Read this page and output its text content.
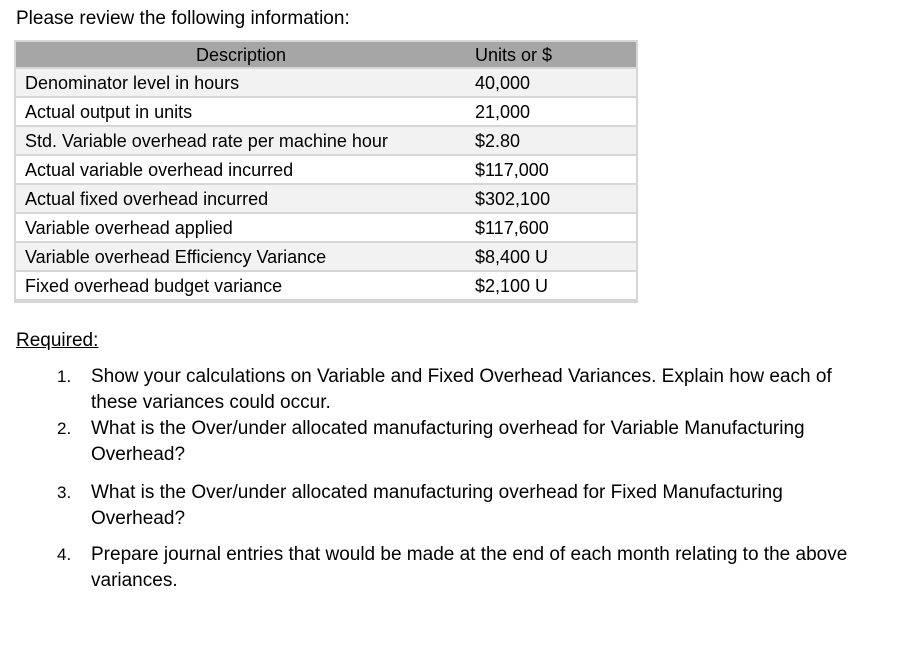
Please review the following information:
Description	Units or $
Denominator level in hours	40,000
Actual output in units	21,000
Std. Variable overhead rate per machine hour	$2.80
Actual variable overhead incurred	$117,000
Actual fixed overhead incurred	$302,100
Variable overhead applied	$117,600
Variable overhead Efficiency Variance	$8,400 U
Fixed overhead budget variance	$2,100 U
Required:
1. Show your calculations on Variable and Fixed Overhead Variances. Explain how each of these variances could occur.
2. What is the Over/under allocated manufacturing overhead for Variable Manufacturing Overhead?
3. What is the Over/under allocated manufacturing overhead for Fixed Manufacturing Overhead?
4. Prepare journal entries that would be made at the end of each month relating to the above variances.
